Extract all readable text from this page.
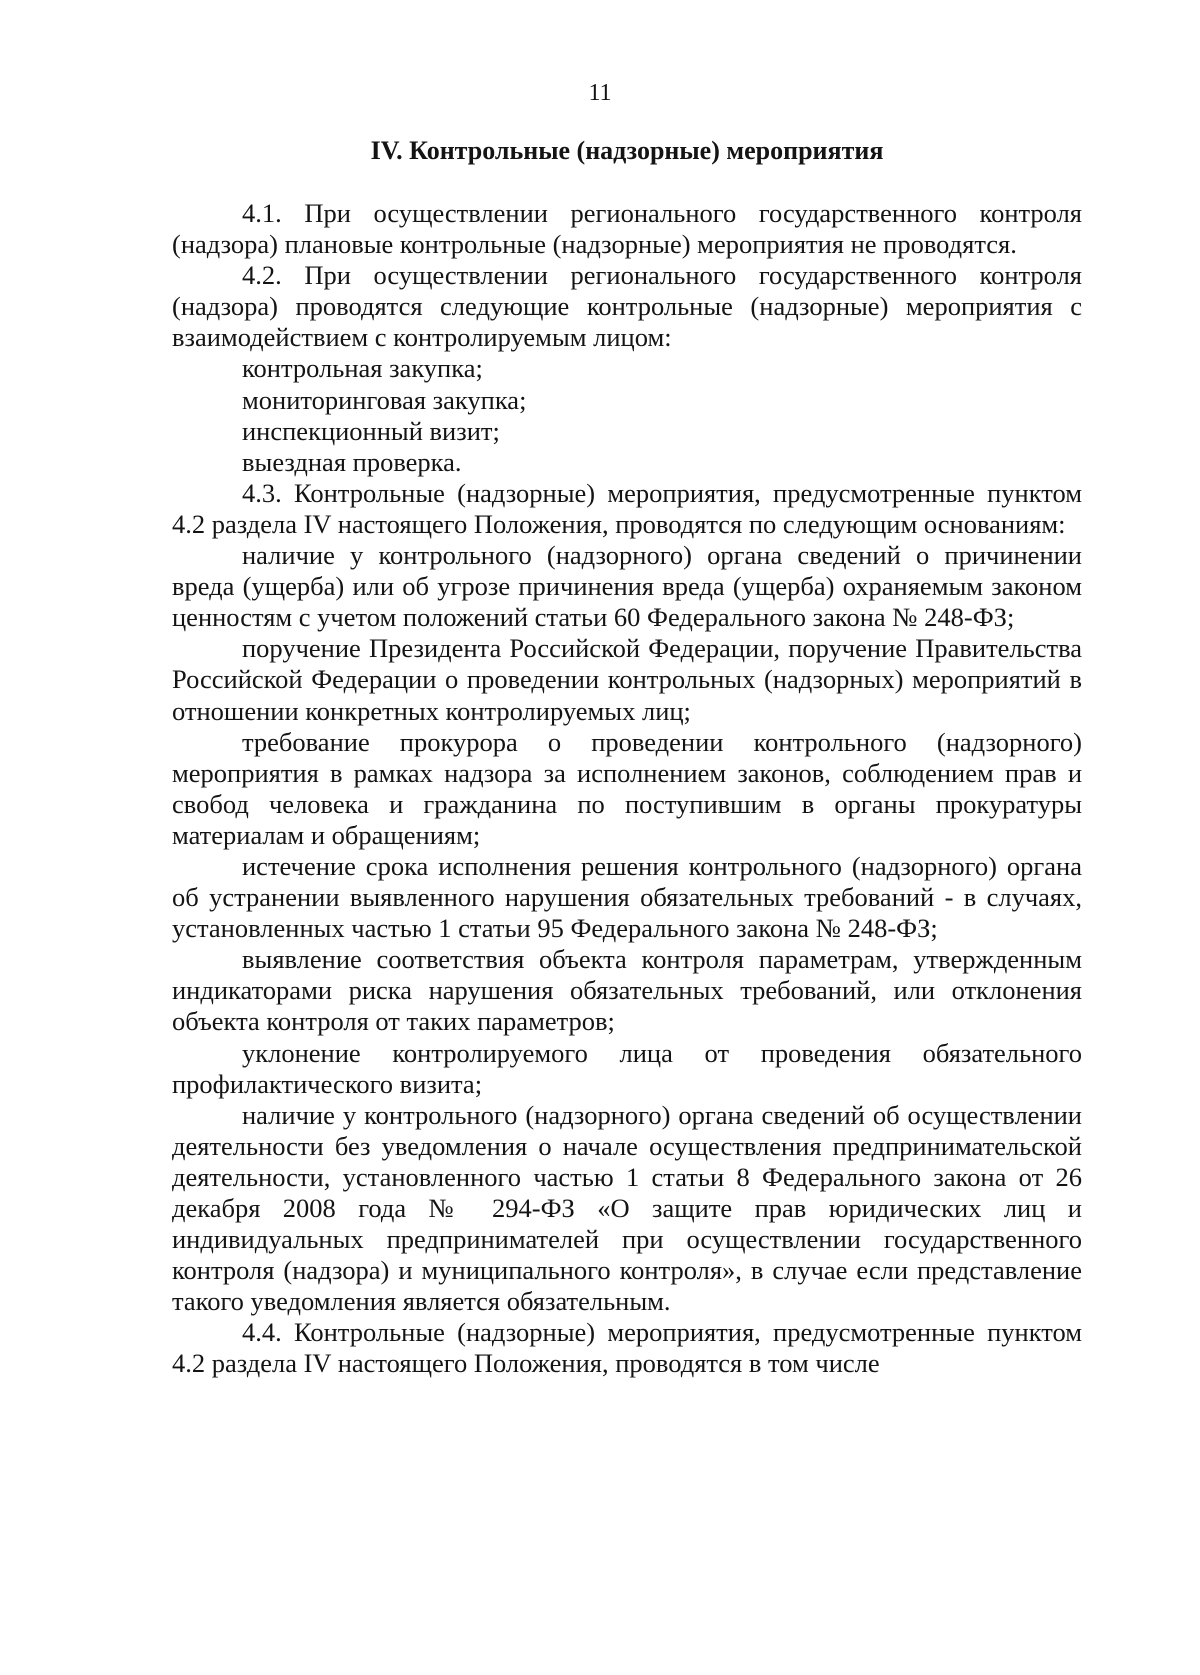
11
IV. Контрольные (надзорные) мероприятия

4.1. При осуществлении регионального государственного контроля (надзора) плановые контрольные (надзорные) мероприятия не проводятся.

4.2. При осуществлении регионального государственного контроля (надзора) проводятся следующие контрольные (надзорные) мероприятия с взаимодействием с контролируемым лицом:

контрольная закупка;

мониторинговая закупка;

инспекционный визит;

выездная проверка.

4.3. Контрольные (надзорные) мероприятия, предусмотренные пунктом 4.2 раздела IV настоящего Положения, проводятся по следующим основаниям:

наличие у контрольного (надзорного) органа сведений о причинении вреда (ущерба) или об угрозе причинения вреда (ущерба) охраняемым законом ценностям с учетом положений статьи 60 Федерального закона № 248-ФЗ;

поручение Президента Российской Федерации, поручение Правительства Российской Федерации о проведении контрольных (надзорных) мероприятий в отношении конкретных контролируемых лиц;

требование прокурора о проведении контрольного (надзорного) мероприятия в рамках надзора за исполнением законов, соблюдением прав и свобод человека и гражданина по поступившим в органы прокуратуры материалам и обращениям;

истечение срока исполнения решения контрольного (надзорного) органа об устранении выявленного нарушения обязательных требований - в случаях, установленных частью 1 статьи 95 Федерального закона № 248-ФЗ;

выявление соответствия объекта контроля параметрам, утвержденным индикаторами риска нарушения обязательных требований, или отклонения объекта контроля от таких параметров;

уклонение контролируемого лица от проведения обязательного профилактического визита;

наличие у контрольного (надзорного) органа сведений об осуществлении деятельности без уведомления о начале осуществления предпринимательской деятельности, установленного частью 1 статьи 8 Федерального закона от 26 декабря 2008 года № 294-ФЗ «О защите прав юридических лиц и индивидуальных предпринимателей при осуществлении государственного контроля (надзора) и муниципального контроля», в случае если представление такого уведомления является обязательным.

4.4. Контрольные (надзорные) мероприятия, предусмотренные пунктом 4.2 раздела IV настоящего Положения, проводятся в том числе
